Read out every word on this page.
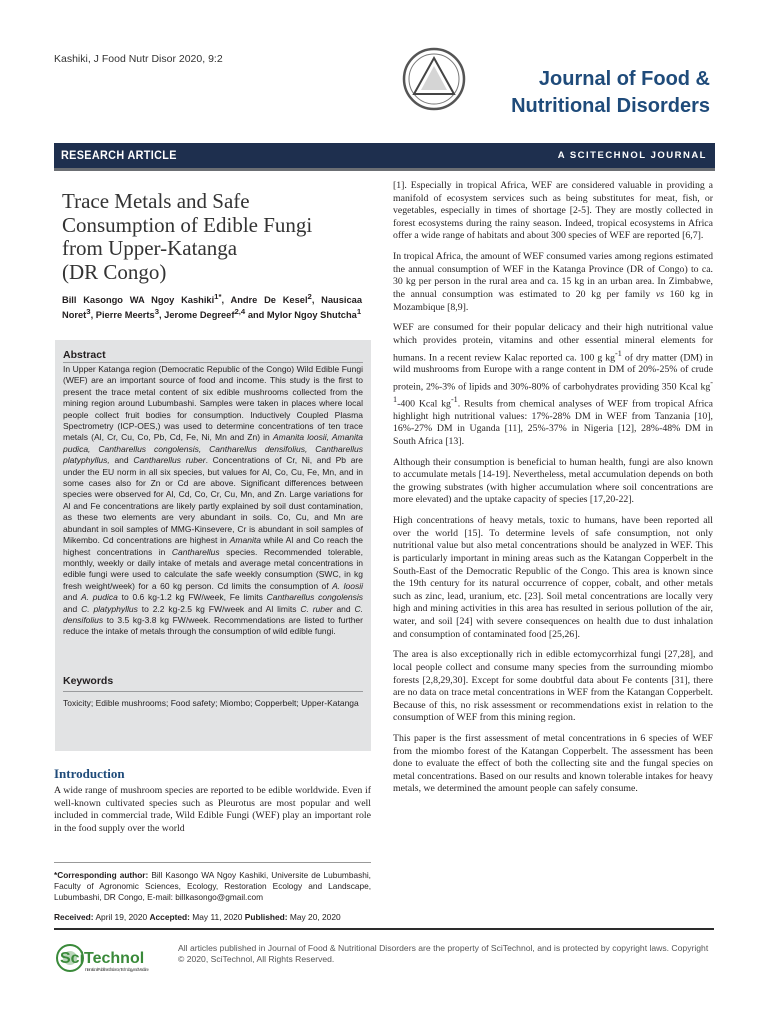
Kashiki, J Food Nutr Disor 2020, 9:2
Journal of Food &
Nutritional Disorders
RESEARCH ARTICLE	A SCITECHNOL JOURNAL
Trace Metals and Safe
Consumption of Edible Fungi
from Upper-Katanga
(DR Congo)
Bill Kasongo WA Ngoy Kashiki$^{1*}$, Andre De Kesel$^2$, Nausicaa Noret$^3$, Pierre Meerts$^3$, Jerome Degreef$^{2,4}$ and Mylor Ngoy Shutcha$^1$
Abstract
In Upper Katanga region (Democratic Republic of the Congo) Wild Edible Fungi (WEF) are an important source of food and income. This study is the first to present the trace metal content of six edible mushrooms collected from the mining region around Lubumbashi. Samples were taken in places where local people collect fruit bodies for consumption. Inductively Coupled Plasma Spectrometry (ICP-OES,) was used to determine concentrations of ten trace metals (Al, Cr, Cu, Co, Pb, Cd, Fe, Ni, Mn and Zn) in Amanita loosii, Amanita pudica, Cantharellus congolensis, Cantharellus densifolius, Cantharellus platyphyllus, and Cantharellus ruber. Concentrations of Cr, Ni, and Pb are under the EU norm in all six species, but values for Al, Co, Cu, Fe, Mn, and in some cases also for Zn or Cd are above. Significant differences between species were observed for Al, Cd, Co, Cr, Cu, Mn, and Zn. Large variations for Al and Fe concentrations are likely partly explained by soil dust contamination, as these two elements are very abundant in soils. Co, Cu, and Mn are abundant in soil samples of MMG-Kinsevere, Cr is abundant in soil samples of Mikembo. Cd concentrations are highest in Amanita while Al and Co reach the highest concentrations in Cantharellus species. Recommended tolerable, monthly, weekly or daily intake of metals and average metal concentrations in edible fungi were used to calculate the safe weekly consumption (SWC, in kg fresh weight/week) for a 60 kg person. Cd limits the consumption of A. loosii and A. pudica to 0.6 kg-1.2 kg FW/week, Fe limits Cantharellus congolensis and C. platyphyllus to 2.2 kg-2.5 kg FW/week and Al limits C. ruber and C. densifolius to 3.5 kg-3.8 kg FW/week. Recommendations are listed to further reduce the intake of metals through the consumption of wild edible fungi.
Keywords
Toxicity; Edible mushrooms; Food safety; Miombo; Copperbelt; Upper-Katanga
Introduction
A wide range of mushroom species are reported to be edible worldwide. Even if well-known cultivated species such as Pleurotus are most popular and well included in commercial trade, Wild Edible Fungi (WEF) play an important role in the food supply over the world
*Corresponding author: Bill Kasongo WA Ngoy Kashiki, Universite de Lubumbashi, Faculty of Agronomic Sciences, Ecology, Restoration Ecology and Landscape, Lubumbashi, DR Congo, E-mail: billkasongo@gmail.com
Received: April 19, 2020 Accepted: May 11, 2020 Published: May 20, 2020

[1]. Especially in tropical Africa, WEF are considered valuable in providing a manifold of ecosystem services such as being substitutes for meat, fish, or vegetables, especially in times of shortage [2-5]. They are mostly collected in forest ecosystems during the rainy season. Indeed, tropical ecosystems in Africa offer a wide range of habitats and about 300 species of WEF are reported [6,7].

In tropical Africa, the amount of WEF consumed varies among regions estimated the annual consumption of WEF in the Katanga Province (DR of Congo) to ca. 30 kg per person in the rural area and ca. 15 kg in an urban area. In Zimbabwe, the annual consumption was estimated to 20 kg per family vs 160 kg in Mozambique [8,9].

WEF are consumed for their popular delicacy and their high nutritional value which provides protein, vitamins and other essential mineral elements for humans. In a recent review Kalac reported ca. 100 g $kg^{-1}$ of dry matter (DM) in wild mushrooms from Europe with a range content in DM of 20%-25% of crude protein, 2%-3% of lipids and 30%-80% of carbohydrates providing 350 Kcal $kg^{-1}-400$ Kcal $kg^{-1}$. Results from chemical analyses of WEF from tropical Africa highlight high nutritional values: 17%-28% DM in WEF from Tanzania [10], 16%-27% DM in Uganda [11], 25%-37% in Nigeria [12], 28%-48% DM in South Africa [13].

Although their consumption is beneficial to human health, fungi are also known to accumulate metals [14-19]. Nevertheless, metal accumulation depends on both the growing substrates (with higher accumulation where soil concentrations are more elevated) and the uptake capacity of species [17,20-22].

High concentrations of heavy metals, toxic to humans, have been reported all over the world [15]. To determine levels of safe consumption, not only nutritional value but also metal concentrations should be analyzed in WEF. This is particularly important in mining areas such as the Katangan Copperbelt in the South-East of the Democratic Republic of the Congo. This area is known since the 19th century for its natural occurrence of copper, cobalt, and other metals such as zinc, lead, uranium, etc. [23]. Soil metal concentrations are locally very high and mining activities in this area has resulted in serious pollution of the air, water, and soil [24] with severe consequences on health due to dust inhalation and consumption of contaminated food [25,26].

The area is also exceptionally rich in edible ectomycorrhizal fungi [27,28], and local people collect and consume many species from the surrounding miombo forests [2,8,29,30]. Except for some doubtful data about Fe contents [31], there are no data on trace metal concentrations in WEF from the Katangan Copperbelt. Because of this, no risk assessment or recommendations exist in relation to the consumption of WEF from this mining region.

This paper is the first assessment of metal concentrations in 6 species of WEF from the miombo forest of the Katangan Copperbelt. The assessment has been done to evaluate the effect of both the collecting site and the fungal species on metal concentrations. Based on our results and known tolerable intakes for heavy metals, we determined the amount people can safely consume.

SciTechnol
International Publisher of Science, Technology and Medicine
All articles published in Journal of Food & Nutritional Disorders are the property of SciTechnol, and is protected by copyright laws. Copyright © 2020, SciTechnol, All Rights Reserved.
